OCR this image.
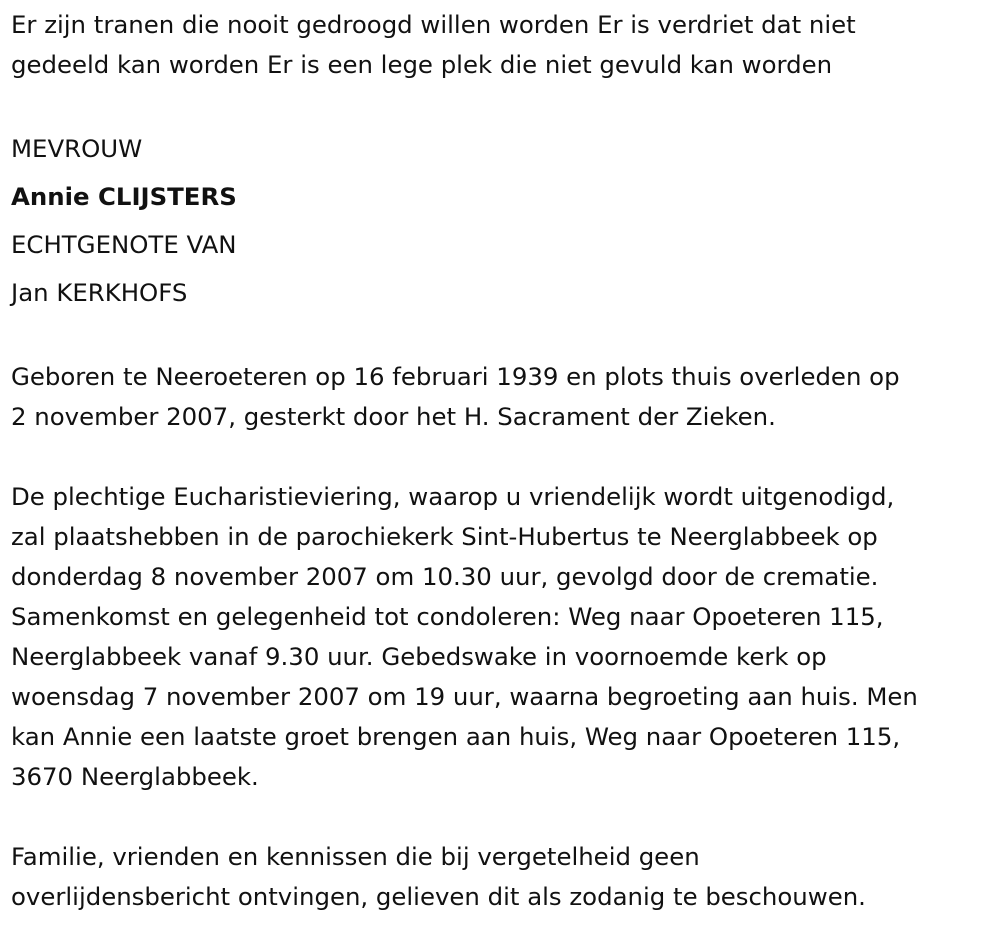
Er zijn tranen die nooit gedroogd willen worden Er is verdriet dat niet
gedeeld kan worden Er is een lege plek die niet gevuld kan worden

MEVROUW

Annie CLIJSTERS

ECHTGENOTE VAN

Jan KERKHOFS

Geboren te Neeroeteren op 16 februari 1939 en plots thuis overleden op
2 november 2007, gesterkt door het H. Sacrament der Zieken.

De plechtige Eucharistieviering, waarop u vriendelijk wordt uitgenodigd,
zal plaatshebben in de parochiekerk Sint-Hubertus te Neerglabbeek op
donderdag 8 november 2007 om 10.30 uur, gevolgd door de crematie.
Samenkomst en gelegenheid tot condoleren: Weg naar Opoeteren 115,
Neerglabbeek vanaf 9.30 uur. Gebedswake in voornoemde kerk op
woensdag 7 november 2007 om 19 uur, waarna begroeting aan huis. Men
kan Annie een laatste groet brengen aan huis, Weg naar Opoeteren 115,
3670 Neerglabbeek.

Familie, vrienden en kennissen die bij vergetelheid geen
overlijdensbericht ontvingen, gelieven dit als zodanig te beschouwen.
